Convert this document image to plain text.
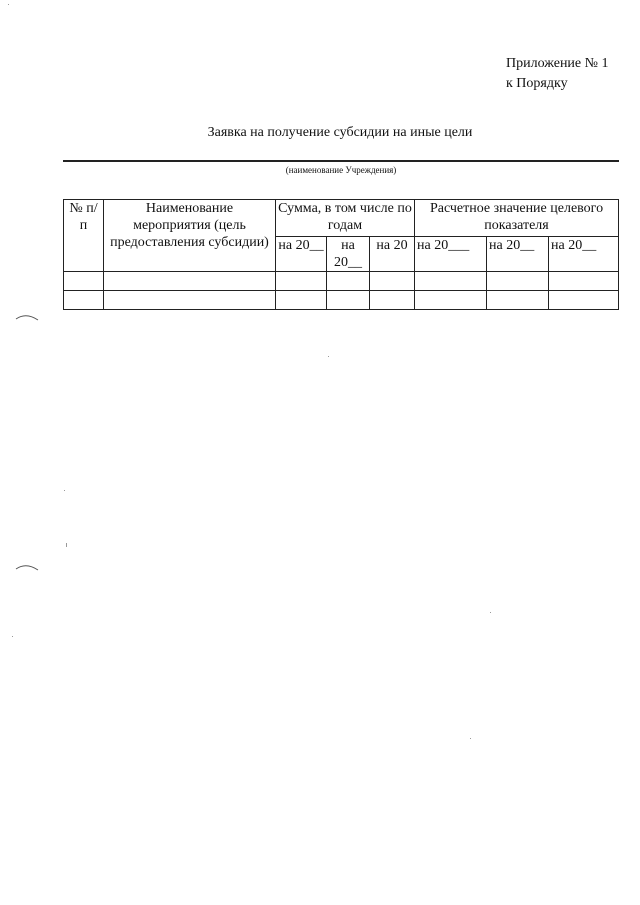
Приложение № 1
к Порядку
Заявка на получение субсидии на иные цели
(наименование Учреждения)
№ п/п	Наименование мероприятия (цель предоставления субсидии)	Сумма, в том числе по годам			Расчетное значение целевого показателя		
		на 20__	на 20__	на 20	на 20___	на 20__	на 20__
